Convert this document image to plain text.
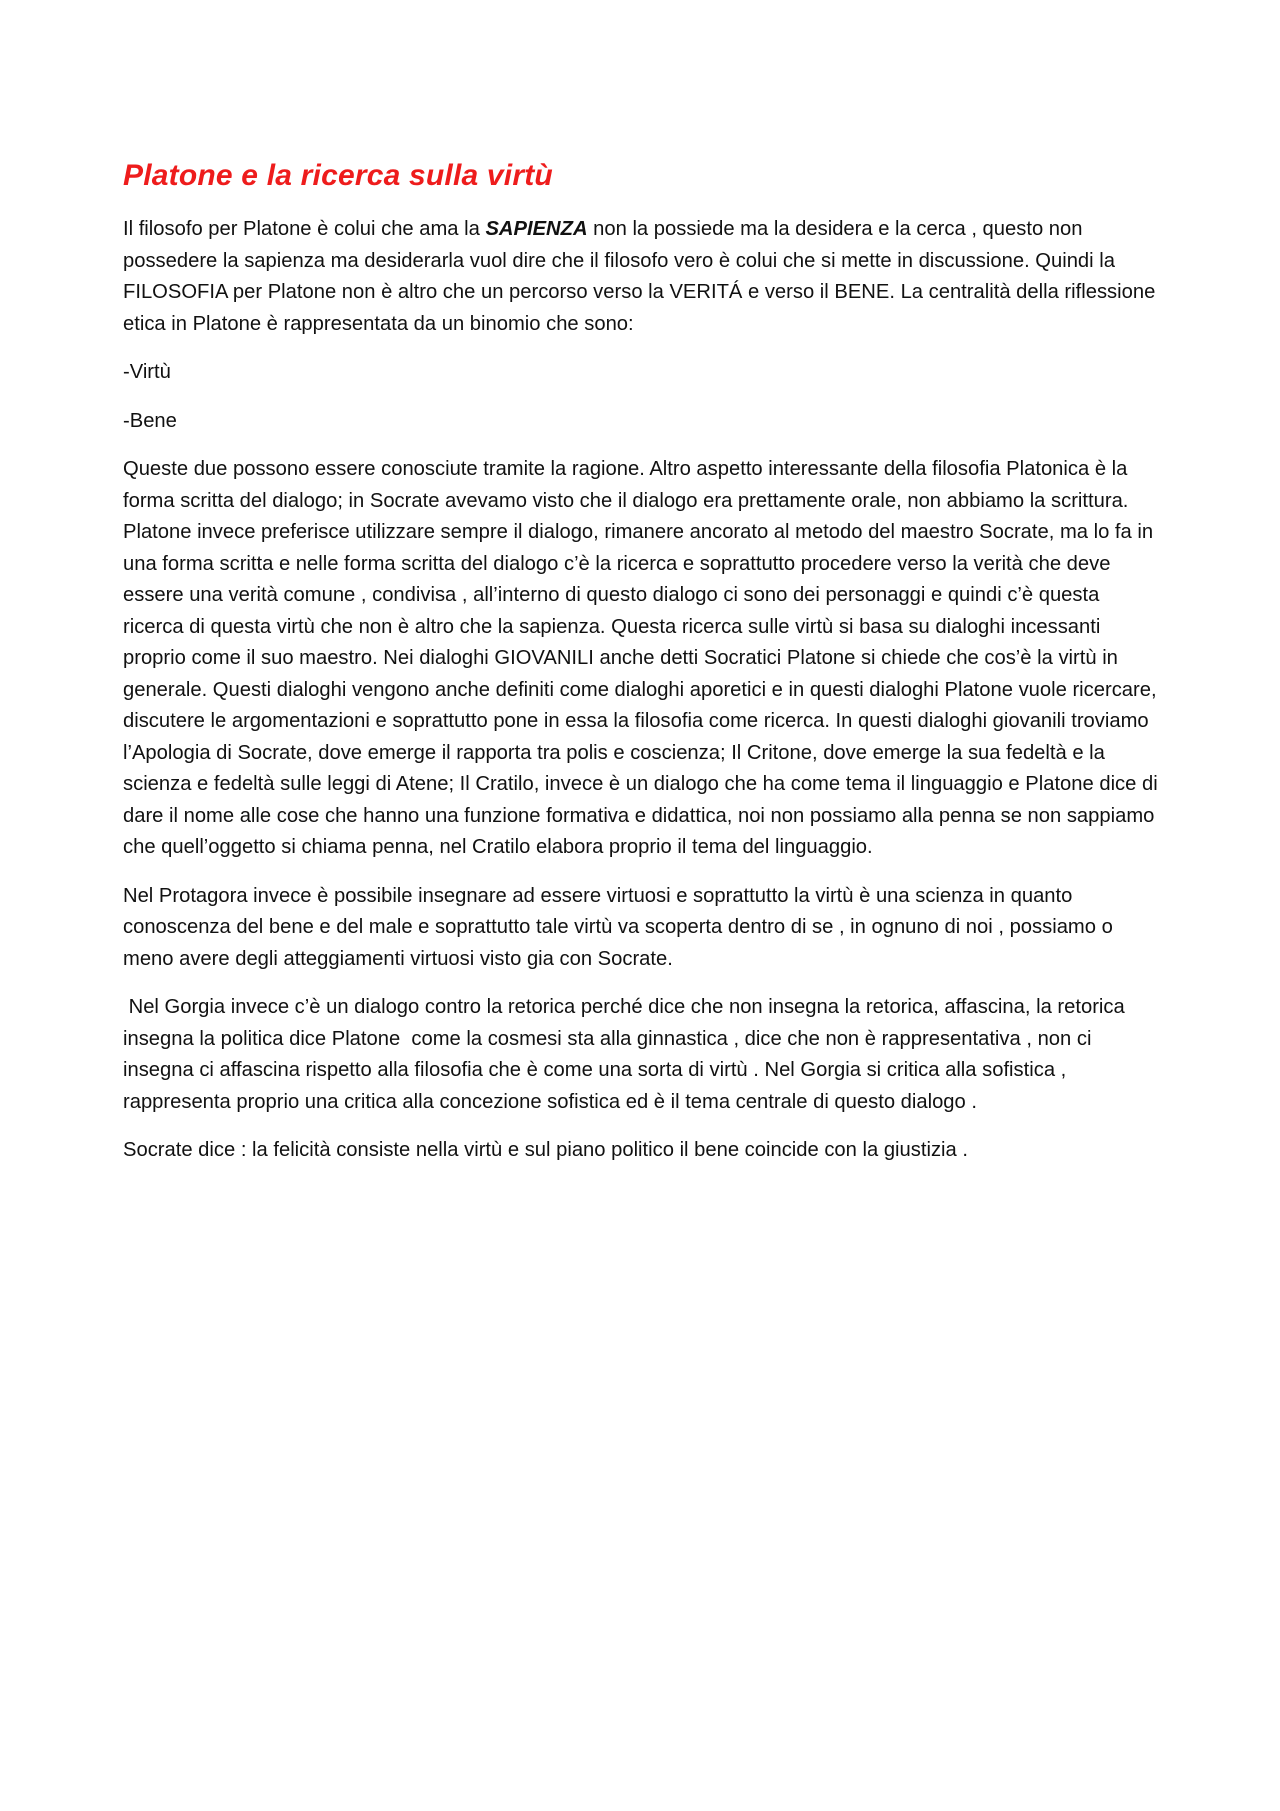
Platone e la ricerca sulla virtù

Il filosofo per Platone è colui che ama la SAPIENZA non la possiede ma la desidera e la cerca , questo non possedere la sapienza ma desiderarla vuol dire che il filosofo vero è colui che si mette in discussione. Quindi la FILOSOFIA per Platone non è altro che un percorso verso la VERITÁ e verso il BENE. La centralità della riflessione etica in Platone è rappresentata da un binomio che sono:

-Virtù

-Bene

Queste due possono essere conosciute tramite la ragione. Altro aspetto interessante della filosofia Platonica è la forma scritta del dialogo; in Socrate avevamo visto che il dialogo era prettamente orale, non abbiamo la scrittura. Platone invece preferisce utilizzare sempre il dialogo, rimanere ancorato al metodo del maestro Socrate, ma lo fa in una forma scritta e nelle forma scritta del dialogo c’è la ricerca e soprattutto procedere verso la verità che deve essere una verità comune , condivisa , all’interno di questo dialogo ci sono dei personaggi e quindi c’è questa ricerca di questa virtù che non è altro che la sapienza. Questa ricerca sulle virtù si basa su dialoghi incessanti proprio come il suo maestro. Nei dialoghi GIOVANILI anche detti Socratici Platone si chiede che cos’è la virtù in generale. Questi dialoghi vengono anche definiti come dialoghi aporetici e in questi dialoghi Platone vuole ricercare, discutere le argomentazioni e soprattutto pone in essa la filosofia come ricerca. In questi dialoghi giovanili troviamo l’Apologia di Socrate, dove emerge il rapporta tra polis e coscienza; Il Critone, dove emerge la sua fedeltà e la scienza e fedeltà sulle leggi di Atene; Il Cratilo, invece è un dialogo che ha come tema il linguaggio e Platone dice di dare il nome alle cose che hanno una funzione formativa e didattica, noi non possiamo alla penna se non sappiamo che quell’oggetto si chiama penna, nel Cratilo elabora proprio il tema del linguaggio.

Nel Protagora invece è possibile insegnare ad essere virtuosi e soprattutto la virtù è una scienza in quanto conoscenza del bene e del male e soprattutto tale virtù va scoperta dentro di se , in ognuno di noi , possiamo o meno avere degli atteggiamenti virtuosi visto gia con Socrate.

Nel Gorgia invece c’è un dialogo contro la retorica perché dice che non insegna la retorica, affascina, la retorica insegna la politica dice Platone  come la cosmesi sta alla ginnastica , dice che non è rappresentativa , non ci insegna ci affascina rispetto alla filosofia che è come una sorta di virtù . Nel Gorgia si critica alla sofistica , rappresenta proprio una critica alla concezione sofistica ed è il tema centrale di questo dialogo .

Socrate dice : la felicità consiste nella virtù e sul piano politico il bene coincide con la giustizia .
